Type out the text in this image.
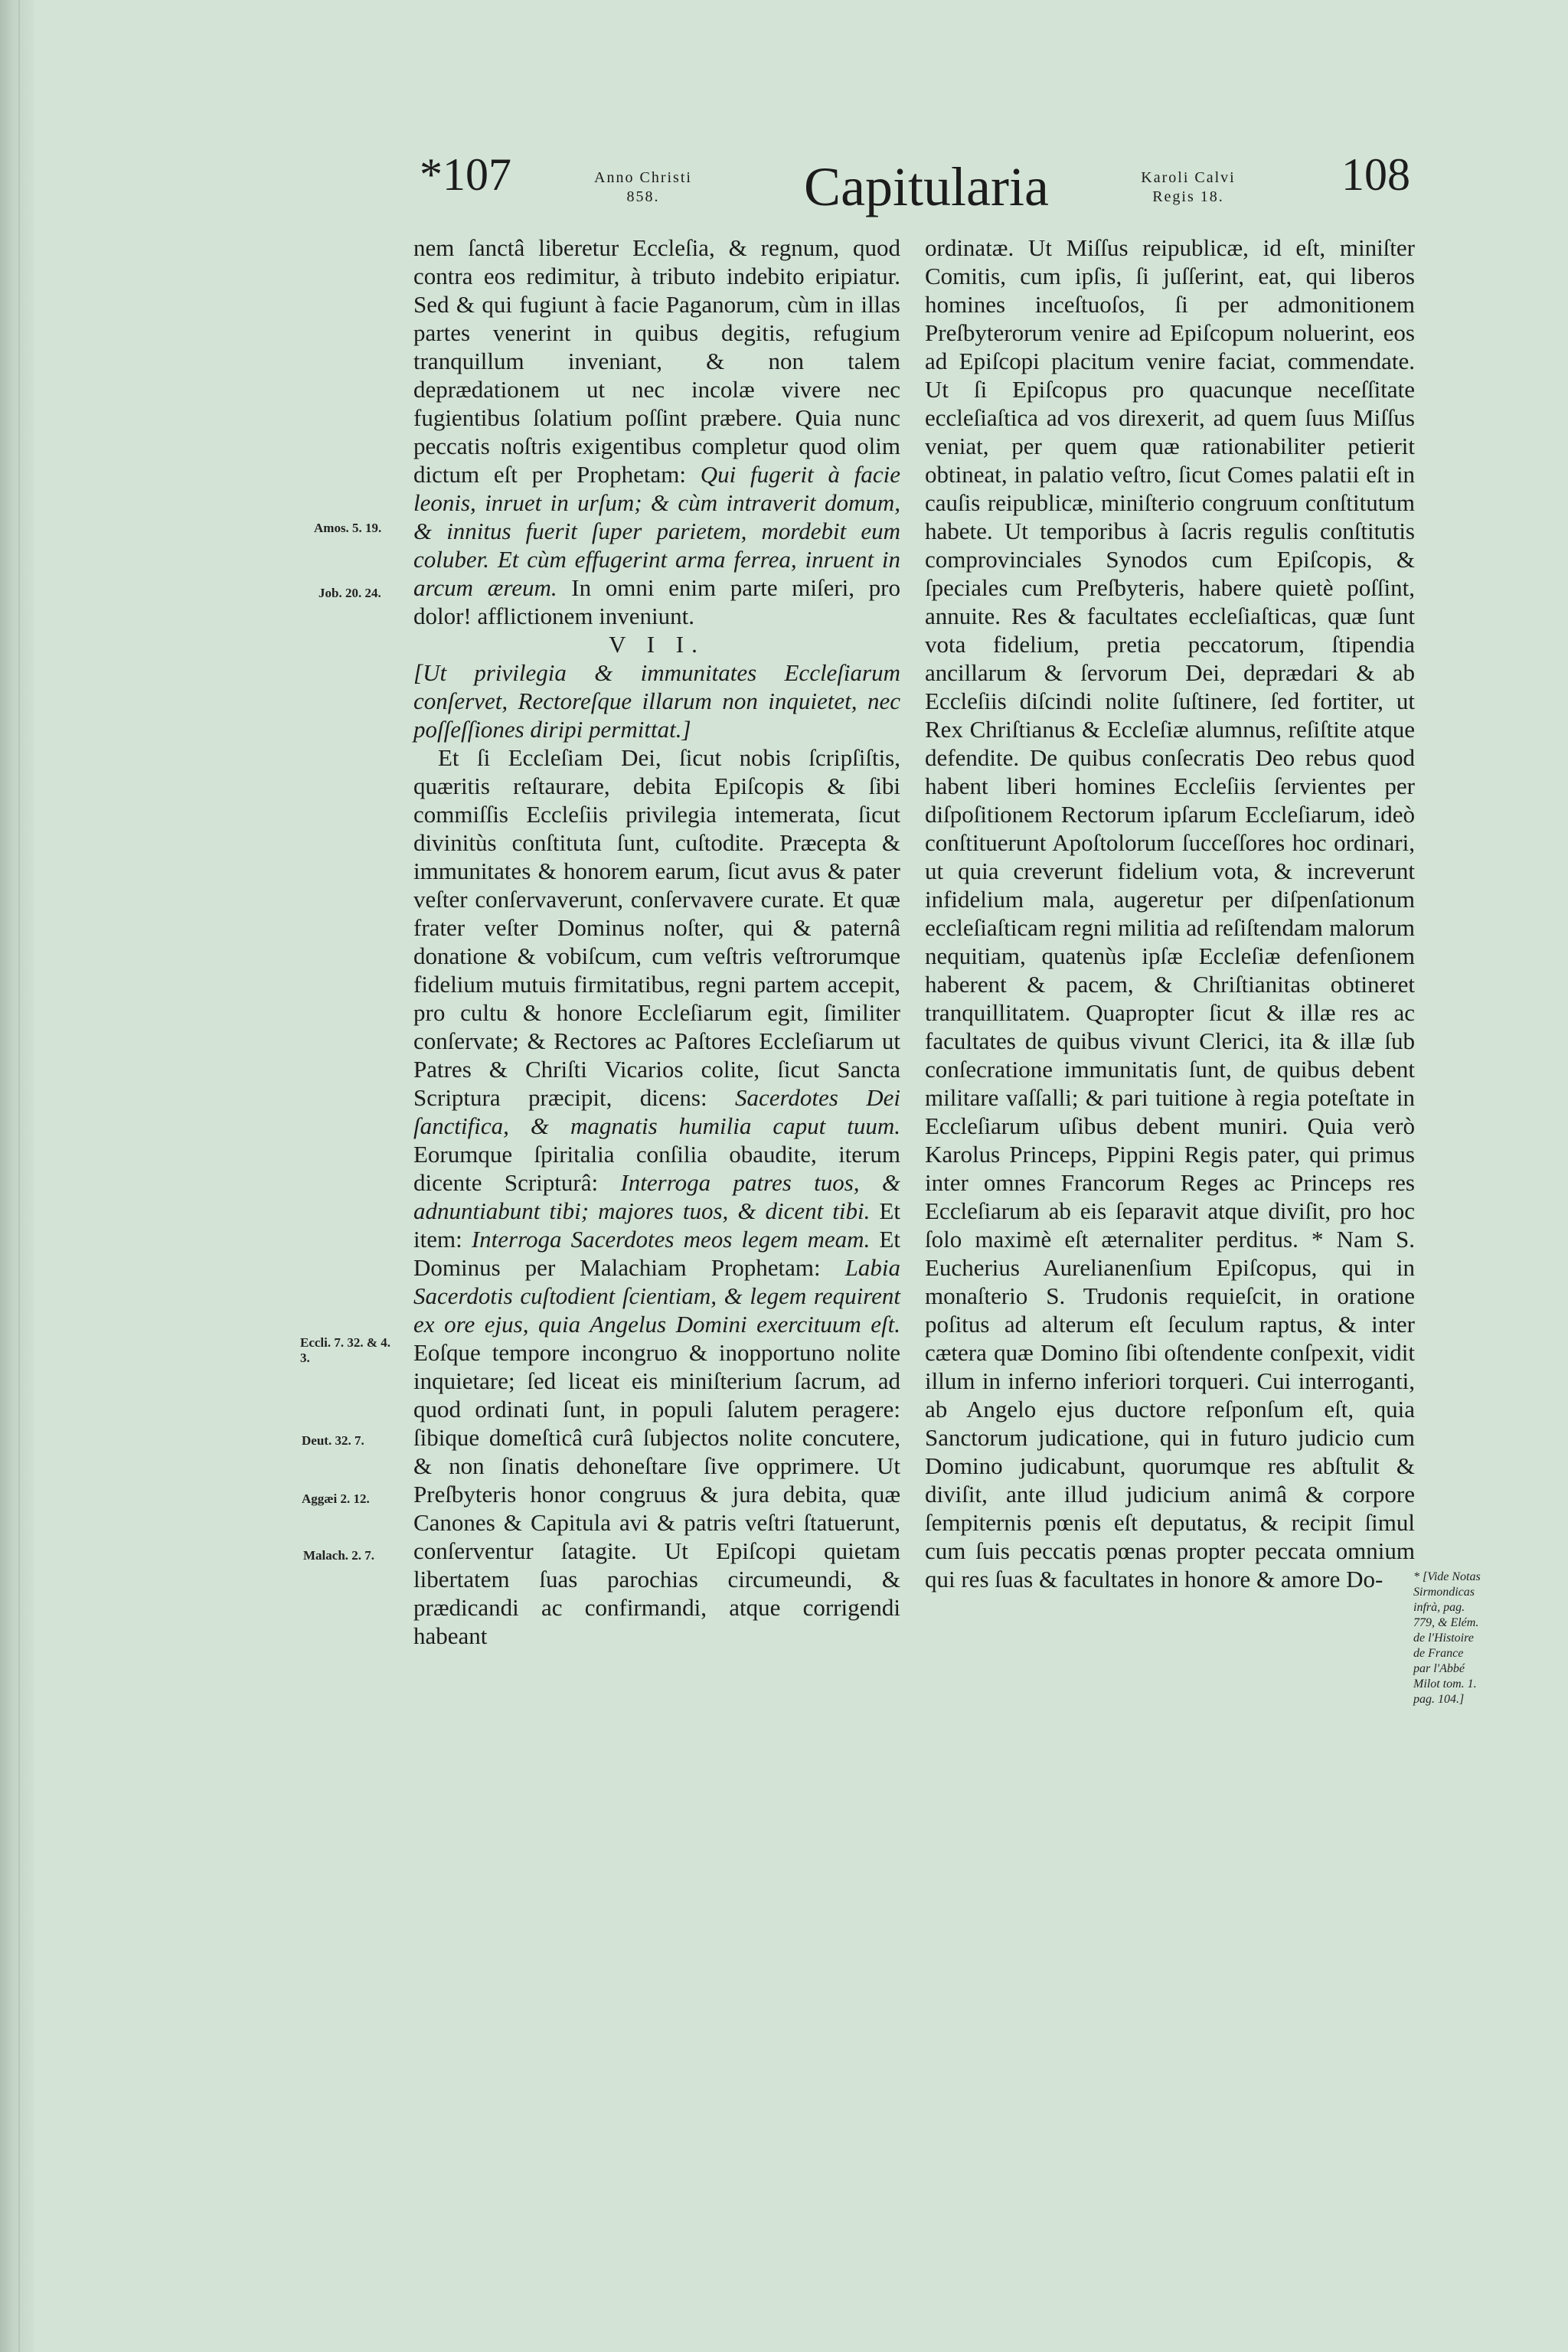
*107	Anno Christi
858.	Capitularia	Karoli Calvi
Regis 18.	108
Amos. 5. 19.
Job. 20. 24.
Eccli. 7. 32. & 4. 3.
Deut. 32. 7.
Aggæi 2. 12.
Malach. 2. 7.
* [Vide Notas Sirmondicas infrà, pag. 779, & Elém. de l'Histoire de France par l'Abbé Milot tom. 1. pag. 104.]

nem ſanctâ liberetur Eccleſia, & regnum, quod contra eos redimitur, à tributo indebito eripiatur. Sed & qui fugiunt à facie Paganorum, cùm in illas partes venerint in quibus degitis, refugium tranquillum inveniant, & non talem deprædationem ut nec incolæ vivere nec fugientibus ſolatium poſſint præbere. Quia nunc peccatis noſtris exigentibus completur quod olim dictum eſt per Prophetam: Qui fugerit à facie leonis, inruet in urſum; & cùm intraverit domum, & innitus fuerit ſuper parietem, mordebit eum coluber. Et cùm effugerint arma ferrea, inruent in arcum æreum. In omni enim parte miſeri, pro dolor! afflictionem inveniunt.

V I I.

[Ut privilegia & immunitates Eccleſiarum conſervet, Rectoreſque illarum non inquietet, nec poſſeſſiones diripi permittat.]

Et ſi Eccleſiam Dei, ſicut nobis ſcripſiſtis, quæritis reſtaurare, debita Epiſcopis & ſibi commiſſis Eccleſiis privilegia intemerata, ſicut divinitùs conſtituta ſunt, cuſtodite. Præcepta & immunitates & honorem earum, ſicut avus & pater veſter conſervaverunt, conſervavere curate. Et quæ frater veſter Dominus noſter, qui & paternâ donatione & vobiſcum, cum veſtris veſtrorumque fidelium mutuis firmitatibus, regni partem accepit, pro cultu & honore Eccleſiarum egit, ſimiliter conſervate; & Rectores ac Paſtores Eccleſiarum ut Patres & Chriſti Vicarios colite, ſicut Sancta Scriptura præcipit, dicens: Sacerdotes Dei ſanctifica, & magnatis humilia caput tuum. Eorumque ſpiritalia conſilia obaudite, iterum dicente Scripturâ: Interroga patres tuos, & adnuntiabunt tibi; majores tuos, & dicent tibi. Et item: Interroga Sacerdotes meos legem meam. Et Dominus per Malachiam Prophetam: Labia Sacerdotis cuſtodient ſcientiam, & legem requirent ex ore ejus, quia Angelus Domini exercituum eſt. Eoſque tempore incongruo & inopportuno nolite inquietare; ſed liceat eis miniſterium ſacrum, ad quod ordinati ſunt, in populi ſalutem peragere: ſibique domeſticâ curâ ſubjectos nolite concutere, & non ſinatis dehoneſtare ſive opprimere. Ut Preſbyteris honor congruus & jura debita, quæ Canones & Capitula avi & patris veſtri ſtatuerunt, conſerventur ſatagite. Ut Epiſcopi quietam libertatem ſuas parochias circumeundi, & prædicandi ac confirmandi, atque corrigendi habeant

ordinatæ. Ut Miſſus reipublicæ, id eſt, miniſter Comitis, cum ipſis, ſi juſſerint, eat, qui liberos homines inceſtuoſos, ſi per admonitionem Preſbyterorum venire ad Epiſcopum noluerint, eos ad Epiſcopi placitum venire faciat, commendate. Ut ſi Epiſcopus pro quacunque neceſſitate eccleſiaſtica ad vos direxerit, ad quem ſuus Miſſus veniat, per quem quæ rationabiliter petierit obtineat, in palatio veſtro, ſicut Comes palatii eſt in cauſis reipublicæ, miniſterio congruum conſtitutum habete. Ut temporibus à ſacris regulis conſtitutis comprovinciales Synodos cum Epiſcopis, & ſpeciales cum Preſbyteris, habere quietè poſſint, annuite. Res & facultates eccleſiaſticas, quæ ſunt vota fidelium, pretia peccatorum, ſtipendia ancillarum & ſervorum Dei, deprædari & ab Eccleſiis diſcindi nolite ſuſtinere, ſed fortiter, ut Rex Chriſtianus & Eccleſiæ alumnus, reſiſtite atque defendite. De quibus conſecratis Deo rebus quod habent liberi homines Eccleſiis ſervientes per diſpoſitionem Rectorum ipſarum Eccleſiarum, ideò conſtituerunt Apoſtolorum ſucceſſores hoc ordinari, ut quia creverunt fidelium vota, & increverunt infidelium mala, augeretur per diſpenſationum eccleſiaſticam regni militia ad reſiſtendam malorum nequitiam, quatenùs ipſæ Eccleſiæ defenſionem haberent & pacem, & Chriſtianitas obtineret tranquillitatem. Quapropter ſicut & illæ res ac facultates de quibus vivunt Clerici, ita & illæ ſub conſecratione immunitatis ſunt, de quibus debent militare vaſſalli; & pari tuitione à regia poteſtate in Eccleſiarum uſibus debent muniri. Quia verò Karolus Princeps, Pippini Regis pater, qui primus inter omnes Francorum Reges ac Princeps res Eccleſiarum ab eis ſeparavit atque diviſit, pro hoc ſolo maximè eſt æternaliter perditus. * Nam S. Eucherius Aurelianenſium Epiſcopus, qui in monaſterio S. Trudonis requieſcit, in oratione poſitus ad alterum eſt ſeculum raptus, & inter cætera quæ Domino ſibi oſtendente conſpexit, vidit illum in inferno inferiori torqueri. Cui interroganti, ab Angelo ejus ductore reſponſum eſt, quia Sanctorum judicatione, qui in futuro judicio cum Domino judicabunt, quorumque res abſtulit & diviſit, ante illud judicium animâ & corpore ſempiternis pœnis eſt deputatus, & recipit ſimul cum ſuis peccatis pœnas propter peccata omnium qui res ſuas & facultates in honore & amore Do-
